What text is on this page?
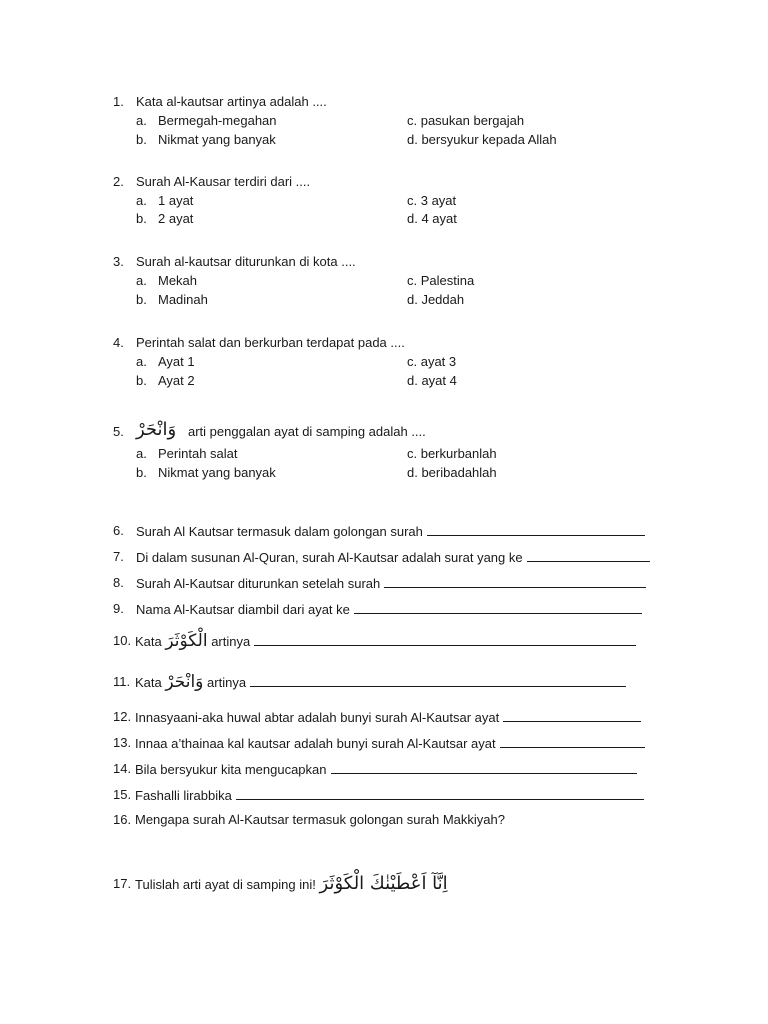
1. Kata al-kautsar artinya adalah ....
a. Bermegah-megahan
b. Nikmat yang banyak
c. pasukan bergajah
d. bersyukur kepada Allah
2. Surah Al-Kausar terdiri dari ....
a. 1 ayat
b. 2 ayat
c. 3 ayat
d. 4 ayat
3. Surah al-kautsar diturunkan di kota ....
a. Mekah
b. Madinah
c. Palestina
d. Jeddah
4. Perintah salat dan berkurban terdapat pada ....
a. Ayat 1
b. Ayat 2
c. ayat 3
d. ayat 4
5. وَانْحَرْ arti penggalan ayat di samping adalah ....
a. Perintah salat
b. Nikmat yang banyak
c. berkurbanlah
d. beribadahlah
6. Surah Al Kautsar termasuk dalam golongan surah
7. Di dalam susunan Al-Quran, surah Al-Kautsar adalah surat yang ke
8. Surah Al-Kautsar diturunkan setelah surah
9. Nama Al-Kautsar diambil dari ayat ke
10. Kata الْكَوْثَرَ artinya
11. Kata وَانْحَرْ artinya
12. Innasyaani-aka huwal abtar adalah bunyi surah Al-Kautsar ayat
13. Innaa a’thainaa kal kautsar adalah bunyi surah Al-Kautsar ayat
14. Bila bersyukur kita mengucapkan
15. Fashalli lirabbika
16. Mengapa surah Al-Kautsar termasuk golongan surah Makkiyah?
17. Tulislah arti ayat di samping ini! اِنَّآ اَعْطَيْنٰكَ الْكَوْثَرَ
